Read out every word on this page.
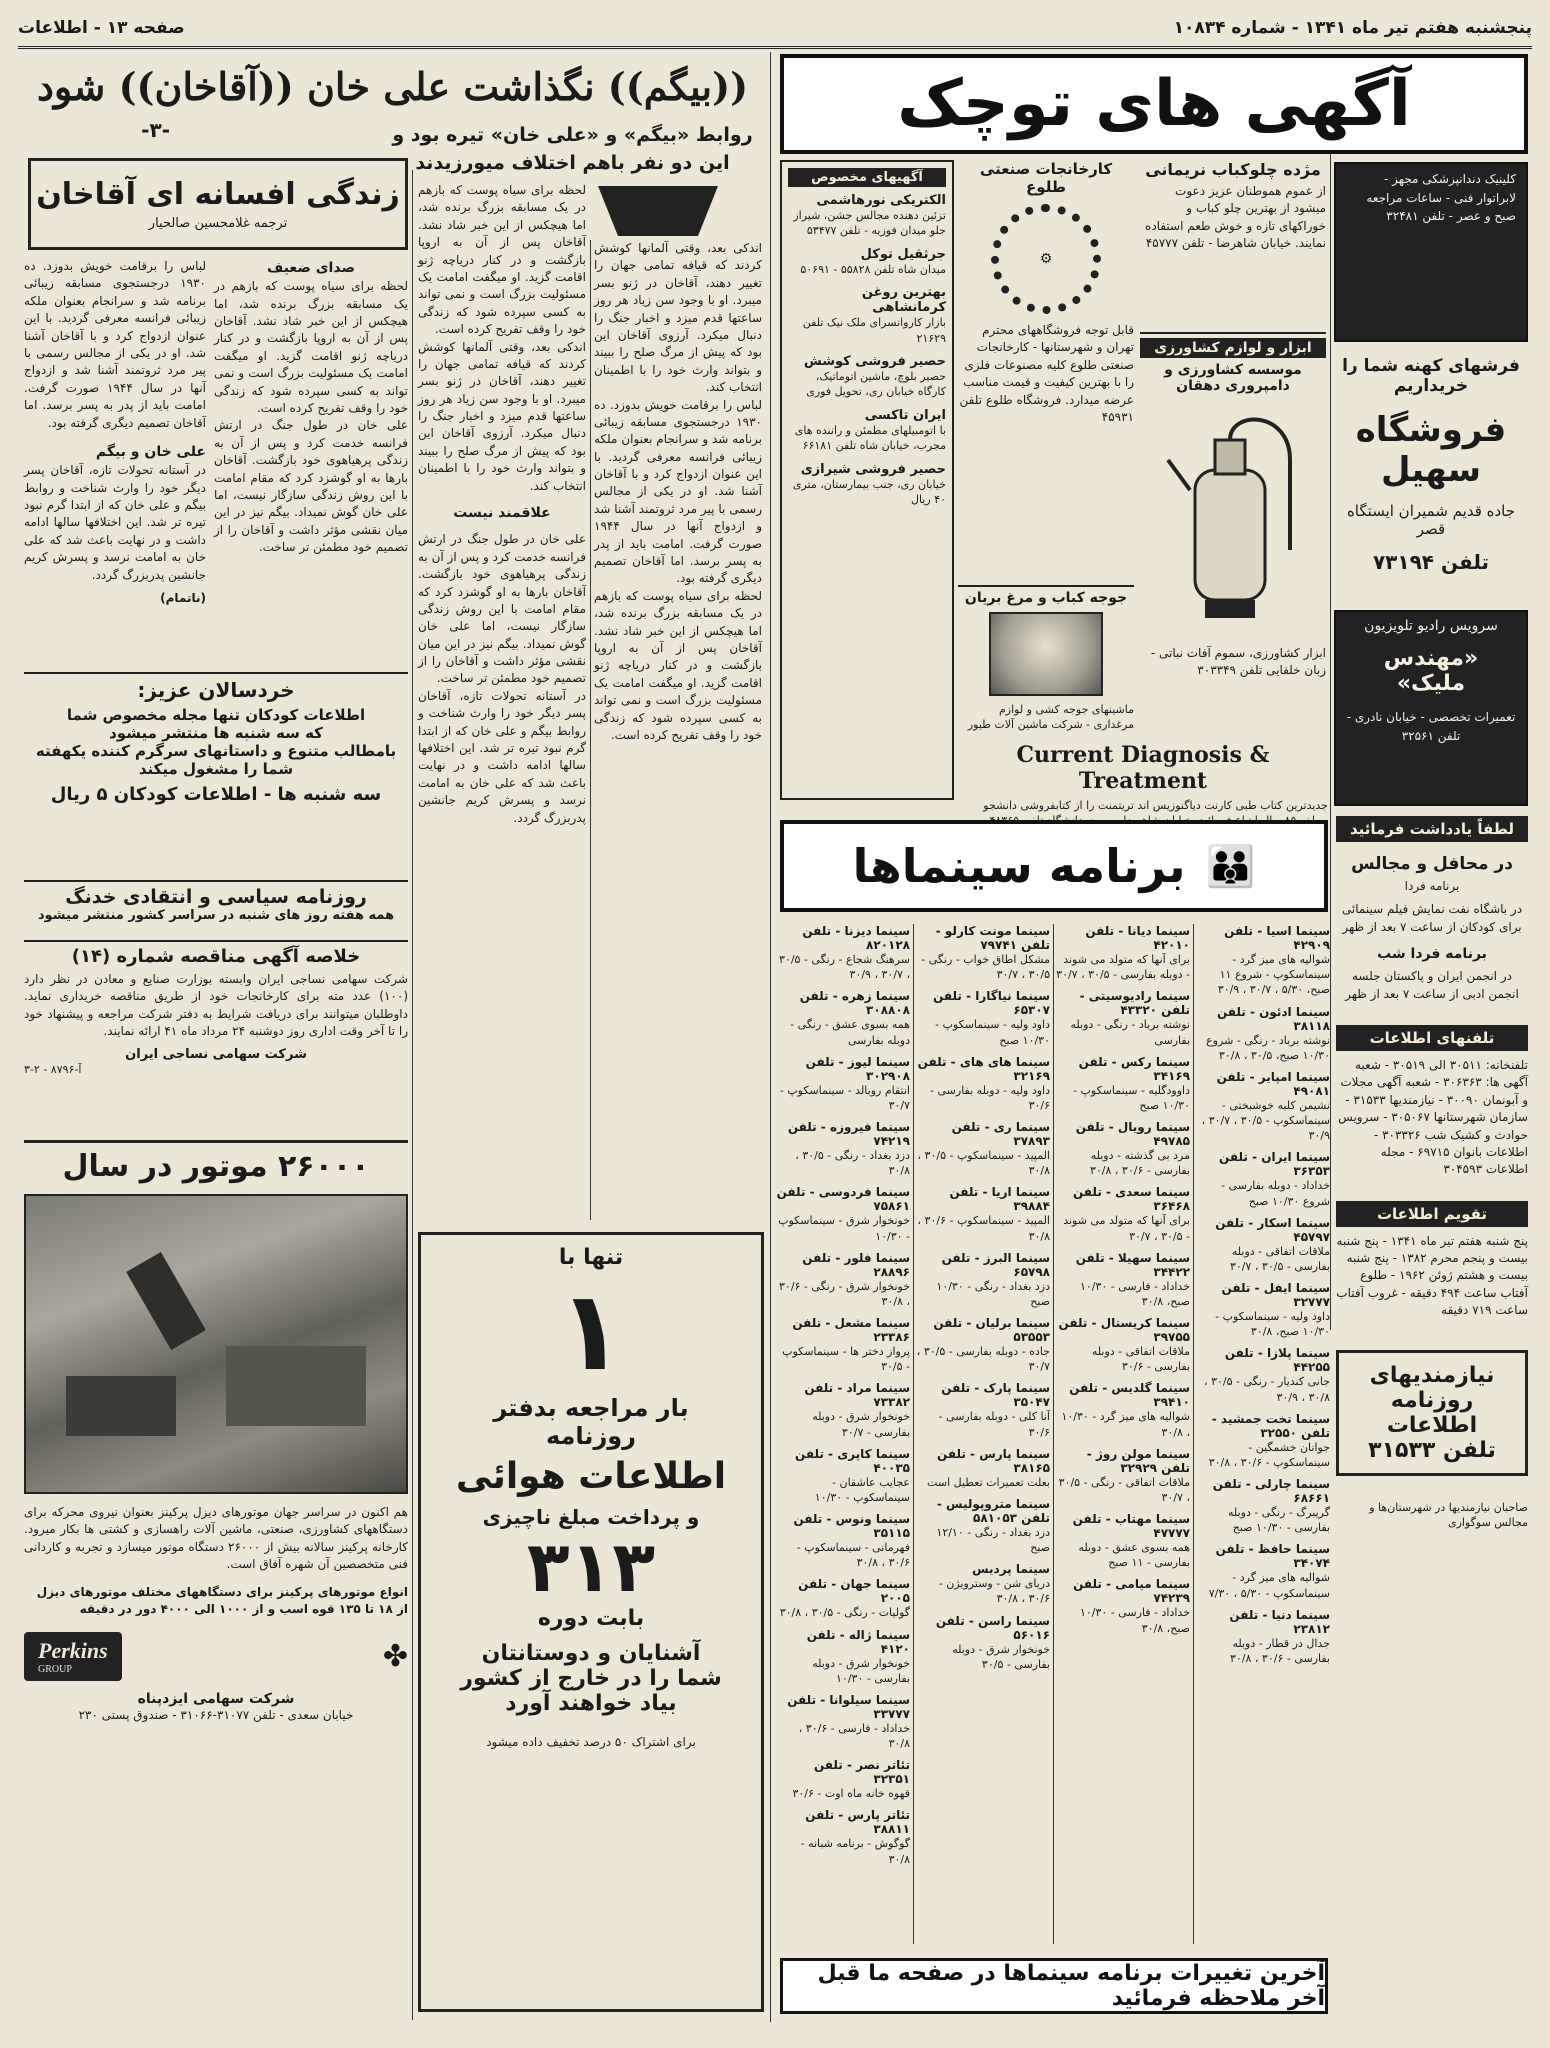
پنجشنبه هفتم تیر ماه ۱۳۴۱ - شماره ۱۰۸۳۴
صفحه ۱۳ - اطلاعات
آگهی های توچک
کلینیک دندانپزشکی مجهز - لابراتوار فنی - ساعات مراجعه صبح و عصر - تلفن ۳۲۴۸۱
فرشهای کهنه شما را خریداریم
فروشگاه سهیل
جاده قدیم شمیران ایستگاه قصر
تلفن ۷۳۱۹۴
سرویس رادیو تلویزیون
«مهندس ملیک»
تعمیرات تخصصی - خیابان نادری - تلفن ۳۲۵۶۱
مژده چلوکباب نریمانی
از عموم هموطنان عزیز دعوت میشود از بهترین چلو کباب و خوراکهای تازه و خوش طعم استفاده نمایند. خیابان شاهرضا - تلفن ۴۵۷۷۷
ابزار و لوازم کشاورزی
موسسه کشاورزی و دامپروری دهقان
ابزار کشاورزی، سموم آفات نباتی - زبان خلفایی تلفن ۳۰۳۳۴۹
کارخانجات صنعتی طلوع
⚙
قابل توجه فروشگاههای محترم تهران و شهرستانها - کارخانجات صنعتی طلوع کلیه مصنوعات فلزی را با بهترین کیفیت و قیمت مناسب عرضه میدارد. فروشگاه طلوع تلفن ۴۵۹۳۱
جوجه کباب و مرغ بریان
ماشینهای جوجه کشی و لوازم مرغداری - شرکت ماشین آلات طیور
آگهیهای مخصوص
الکتریکی نورهاشمی
تزئین دهنده مجالس جشن، شیراز جلو میدان فوزیه - تلفن ۵۳۴۷۷
جرثقیل توکل
میدان شاه تلفن ۵۵۸۲۸ - ۵۰۶۹۱
بهترین روغن کرمانشاهی
بازار کاروانسرای ملک نیک تلفن ۲۱۶۲۹
حصیر فروشی کوشش
حصیر بلوچ، ماشین اتوماتیک، کارگاه خیابان ری، تحویل فوری
ایران تاکسی
با اتومبیلهای مطمئن و راننده های مجرب، خیابان شاه تلفن ۶۶۱۸۱
حصیر فروشی شیرازی
خیابان ری، جنب بیمارستان، متری ۴۰ ریال
Current Diagnosis & Treatment
جدیدترین کتاب طبی کارنت دیاگنوزیس اند تریتمنت را از کتابفروشی دانشجو
👪
برنامه سینماها
سینما اسیا - تلفن ۴۲۹۰۹
شواليه های میز گرد - سینماسکوپ - شروع ۱۱ صبح، ۵/۳۰ ، ۳۰/۷ ، ۳۰/۹
سینما ادئون - تلفن ۳۸۱۱۸
نوشته برباد - رنگی - شروع ۱۰/۳۰ صبح، ۳۰/۵ ، ۳۰/۸
سینما امپایر - تلفن ۴۹۰۸۱
نشیمن کلبه خوشبختی - سینماسکوپ - ۳۰/۵ ، ۳۰/۷ ، ۳۰/۹
سینما ایران - تلفن ۳۶۳۵۳
خداداد - دوبله بفارسی - شروع ۱۰/۳۰ صبح
سینما اسکار - تلفن ۴۵۷۹۷
ملاقات اتفاقی - دوبله بفارسی - ۳۰/۵ ، ۳۰/۷
سینما ایفل - تلفن ۳۲۷۷۷
داود ولیه - سینماسکوپ - ۱۰/۳۰ صبح، ۳۰/۸
سینما پلازا - تلفن ۴۴۲۵۵
جانی کندیار - رنگی - ۳۰/۵ ، ۳۰/۸ ، ۳۰/۹
سینما تخت جمشید - تلفن ۳۲۵۵۰
جوانان خشمگین - سینماسکوپ - ۳۰/۶ ، ۳۰/۸
سینما چارلی - تلفن ۶۸۶۶۱
گریبرگ - رنگی - دوبله بفارسی - ۱۰/۳۰ صبح
سینما حافظ - تلفن ۳۴۰۷۴
شواليه های میز گرد - سینماسکوپ - ۵/۳۰ ، ۷/۳۰
سینما دنیا - تلفن ۲۳۸۱۲
جدال در قطار - دوبله بفارسی - ۳۰/۶ ، ۳۰/۸
سینما دیانا - تلفن ۴۲۰۱۰
برای آنها که متولد می شوند - دوبله بفارسی - ۳۰/۵ ، ۳۰/۷
سینما رادیوسیتی - تلفن ۴۳۳۲۰
نوشته برباد - رنگی - دوبله بفارسی
سینما رکس - تلفن ۳۴۱۶۹
داوودگلیه - سینماسکوپ - ۱۰/۳۰ صبح
سینما رویال - تلفن ۴۹۷۸۵
مرد بی گذشته - دوبله بفارسی - ۳۰/۶ ، ۳۰/۸
سینما سعدی - تلفن ۳۶۴۶۸
برای آنها که متولد می شوند - ۳۰/۵ ، ۳۰/۷
سینما سهیلا - تلفن ۳۴۴۲۲
خداداد - فارسی - ۱۰/۳۰ صبح، ۳۰/۸
سینما کریستال - تلفن ۳۹۷۵۵
ملاقات اتفاقی - دوبله بفارسی - ۳۰/۶
سینما گلدیس - تلفن ۳۹۴۱۰
شواليه های میز گرد - ۱۰/۳۰ ، ۳۰/۸
سینما مولن روژ - تلفن ۳۲۹۲۹
ملاقات اتفاقی - رنگی - ۳۰/۵ ، ۳۰/۷
سینما مهتاب - تلفن ۴۷۷۷۷
همه بسوی عشق - دوبله بفارسی - ۱۱ صبح
سینما میامی - تلفن ۷۴۲۳۹
خداداد - فارسی - ۱۰/۳۰ صبح، ۳۰/۸
سینما مونت کارلو - تلفن ۷۹۷۴۱
مشکل اطاق خواب - رنگی - ۳۰/۵ ، ۳۰/۷
سینما نیاگارا - تلفن ۶۵۳۰۷
داود ولیه - سینماسکوپ - ۱۰/۳۰ صبح
سینما های های - تلفن ۳۲۱۶۹
داود ولیه - دوبله بفارسی - ۳۰/۶
سینما ری - تلفن ۳۷۸۹۳
المپید - سینماسکوپ - ۳۰/۵ ، ۳۰/۸
سینما اریا - تلفن ۳۹۸۸۴
المپید - سینماسکوپ - ۳۰/۶ ، ۳۰/۸
سینما البرز - تلفن ۶۵۷۹۸
دزد بغداد - رنگی - ۱۰/۳۰ صبح
سینما برلیان - تلفن ۵۳۵۵۳
جاده - دوبله بفارسی - ۳۰/۵ ، ۳۰/۷
سینما پارک - تلفن ۳۵۰۴۷
آنا کلی - دوبله بفارسی - ۳۰/۶
سینما پارس - تلفن ۳۸۱۶۵
بعلت تعمیرات تعطیل است
سینما متروپولیس - تلفن ۵۸۱۰۵۳
دزد بغداد - رنگی - ۱۲/۱۰ صبح
سینما پردیس
دریای شن - وسترویژن - ۳۰/۶ ، ۳۰/۸
سینما راسن - تلفن ۵۶۰۱۶
خونخوار شرق - دوبله بفارسی - ۳۰/۵
سینما دیزنا - تلفن ۸۲۰۱۲۸
سرهنگ شجاع - رنگی - ۳۰/۵ ، ۳۰/۷ ، ۳۰/۹
سینما زهره - تلفن ۳۰۸۸۰۸
همه بسوی عشق - رنگی - دوبله بفارسی
سینما لیوز - تلفن ۳۰۲۹۰۸
انتقام روبالد - سینماسکوپ - ۳۰/۷
سینما فیروزه - تلفن ۷۴۲۱۹
دزد بغداد - رنگی - ۳۰/۵ ، ۳۰/۸
سینما فردوسی - تلفن ۷۵۸۶۱
خونخوار شرق - سینماسکوپ - ۱۰/۳۰
سینما فلور - تلفن ۲۸۸۹۶
خونخوار شرق - رنگی - ۳۰/۶ ، ۳۰/۸
سینما مشعل - تلفن ۲۳۳۸۶
پرواز دختر ها - سینماسکوپ - ۳۰/۵
سینما مراد - تلفن ۷۳۳۸۲
خونخوار شرق - دوبله بفارسی - ۳۰/۷
سینما کاپری - تلفن ۴۰۰۳۵
عجایب عاشقان - سینماسکوپ - ۱۰/۳۰
سینما ونوس - تلفن ۳۵۱۱۵
فهرمانی - سینماسکوپ - ۳۰/۶ ، ۳۰/۸
سینما جهان - تلفن ۲۰۰۵
گولیات - رنگی - ۳۰/۵ ، ۳۰/۸
سینما ژاله - تلفن ۴۱۲۰
خونخوار شرق - دوبله بفارسی - ۱۰/۳۰
سینما سیلوانا - تلفن ۳۳۷۷۷
خداداد - فارسی - ۳۰/۶ ، ۳۰/۸
تئاتر نصر - تلفن ۳۲۳۵۱
قهوه خانه ماه اوت - ۳۰/۶
تئاتر پارس - تلفن ۳۸۸۱۱
گوگوش - برنامه شبانه - ۳۰/۸
آخرین تغییرات برنامه سینماها در صفحه ما قبل آخر ملاحظه فرمائید
لطفاً یادداشت فرمائید
در محافل و مجالس
برنامه فردا
در باشگاه نفت نمایش فیلم سینمائی برای کودکان از ساعت ۷ بعد از ظهر
برنامه فردا شب
در انجمن ایران و پاکستان جلسه انجمن ادبی از ساعت ۷ بعد از ظهر
تلفنهای اطلاعات
تلفنخانه: ۳۰۵۱۱ الی ۳۰۵۱۹ - شعبه آگهی ها: ۳۰۶۳۶۳ - شعبه آگهی مجلات و آبونمان ۳۰۰۹۰ - نیازمندیها ۳۱۵۳۳ - سازمان شهرستانها ۳۰۵۰۶۷ - سرویس حوادث و کشیک شب ۳۰۳۳۲۶ - اطلاعات بانوان ۶۹۷۱۵ - مجله اطلاعات ۳۰۴۵۹۳
تقویم اطلاعات
پنج شنبه هفتم تیر ماه ۱۳۴۱ - پنج شنبه بیست و پنجم محرم ۱۳۸۲ - پنج شنبه بیست و هشتم ژوئن ۱۹۶۲ - طلوع آفتاب ساعت ۴۹۴ دقیقه - غروب آفتاب ساعت ۷۱۹ دقیقه
نیازمندیهای
روزنامه اطلاعات
تلفن ۳۱۵۳۳
صاحبان نیازمندیها در شهرستان‌ها و مجالس سوگواری
((بیگم)) نگذاشت علی خان ((آقاخان)) شود
-۳-	روابط «بیگم» و «علی خان» تیره بود و این دو نفر باهم اختلاف میورزیدند
زندگی افسانه ای آقاخان
ترجمه غلامحسین صالحیار
لباس را برقامت خویش بدوزد. ده ۱۹۳۰ درجستجوی مسابقه زیبائی برنامه شد و سرانجام بعنوان ملکه زیبائی فرانسه معرفی گردید. با این عنوان ازدواج کرد و با آقاخان آشنا شد. او در یکی از مجالس رسمی با پیر مرد ثروتمند آشنا شد و ازدواج آنها در سال ۱۹۴۴ صورت گرفت. امامت باید از پدر به پسر برسد. اما آقاخان تصمیم دیگری گرفته بود.
علی خان و بیگم
در آستانه تحولات تازه، آقاخان پسر دیگر خود را وارث شناخت و روابط بیگم و علی خان که از ابتدا گرم نبود تیره تر شد. این اختلافها سالها ادامه داشت و در نهایت باعث شد که علی خان به امامت نرسد و پسرش کریم جانشین پدربزرگ گردد.
(ناتمام)
صدای ضعیف
لحظه برای سیاه پوست که بازهم در یک مسابقه بزرگ برنده شد، اما هیچکس از این خبر شاد نشد. آقاخان پس از آن به اروپا بازگشت و در کنار دریاچه ژنو اقامت گزید. او میگفت امامت یک مسئولیت بزرگ است و نمی تواند به کسی سپرده شود که زندگی خود را وقف تفریح کرده است.
علی خان در طول جنگ در ارتش فرانسه خدمت کرد و پس از آن به زندگی پرهیاهوی خود بازگشت. آقاخان بارها به او گوشزد کرد که مقام امامت با این روش زندگی سازگار نیست، اما علی خان گوش نمیداد. بیگم نیز در این میان نقشی مؤثر داشت و آقاخان را از تصمیم خود مطمئن تر ساخت.
لحظه برای سیاه پوست که بازهم در یک مسابقه بزرگ برنده شد، اما هیچکس از این خبر شاد نشد. آقاخان پس از آن به اروپا بازگشت و در کنار دریاچه ژنو اقامت گزید. او میگفت امامت یک مسئولیت بزرگ است و نمی تواند به کسی سپرده شود که زندگی خود را وقف تفریح کرده است.
اندکی بعد، وقتی آلمانها کوشش کردند که قیافه تمامی جهان را تغییر دهند، آقاخان در ژنو بسر میبرد. او با وجود سن زیاد هر روز ساعتها قدم میزد و اخبار جنگ را دنبال میکرد. آرزوی آقاخان این بود که پیش از مرگ صلح را ببیند و بتواند وارث خود را با اطمینان انتخاب کند.
علاقمند نیست
علی خان در طول جنگ در ارتش فرانسه خدمت کرد و پس از آن به زندگی پرهیاهوی خود بازگشت. آقاخان بارها به او گوشزد کرد که مقام امامت با این روش زندگی سازگار نیست، اما علی خان گوش نمیداد. بیگم نیز در این میان نقشی مؤثر داشت و آقاخان را از تصمیم خود مطمئن تر ساخت.
در آستانه تحولات تازه، آقاخان پسر دیگر خود را وارث شناخت و روابط بیگم و علی خان که از ابتدا گرم نبود تیره تر شد. این اختلافها سالها ادامه داشت و در نهایت باعث شد که علی خان به امامت نرسد و پسرش کریم جانشین پدربزرگ گردد.
اندکی بعد، وقتی آلمانها کوشش کردند که قیافه تمامی جهان را تغییر دهند، آقاخان در ژنو بسر میبرد. او با وجود سن زیاد هر روز ساعتها قدم میزد و اخبار جنگ را دنبال میکرد. آرزوی آقاخان این بود که پیش از مرگ صلح را ببیند و بتواند وارث خود را با اطمینان انتخاب کند.
لباس را برقامت خویش بدوزد. ده ۱۹۳۰ درجستجوی مسابقه زیبائی برنامه شد و سرانجام بعنوان ملکه زیبائی فرانسه معرفی گردید. با این عنوان ازدواج کرد و با آقاخان آشنا شد. او در یکی از مجالس رسمی با پیر مرد ثروتمند آشنا شد و ازدواج آنها در سال ۱۹۴۴ صورت گرفت. امامت باید از پدر به پسر برسد. اما آقاخان تصمیم دیگری گرفته بود.
لحظه برای سیاه پوست که بازهم در یک مسابقه بزرگ برنده شد، اما هیچکس از این خبر شاد نشد. آقاخان پس از آن به اروپا بازگشت و در کنار دریاچه ژنو اقامت گزید. او میگفت امامت یک مسئولیت بزرگ است و نمی تواند به کسی سپرده شود که زندگی خود را وقف تفریح کرده است.
خردسالان عزیز:
اطلاعات کودکان تنها مجله مخصوص شما
که سه شنبه ها منتشر میشود
بامطالب متنوع و داستانهای سرگرم کننده یکهفته شما را مشغول میکند
سه شنبه ها - اطلاعات کودکان ۵ ریال
روزنامه سیاسی و انتقادی خدنگ
همه هفته روز های شنبه در سراسر کشور منتشر میشود
خلاصه آگهی مناقصه شماره (۱۴)
شرکت سهامی نساجی ایران وابسته بوزارت صنایع و معادن در نظر دارد (۱۰۰) عدد مته برای کارخانجات خود از طریق مناقصه خریداری نماید. داوطلبان میتوانند برای دریافت شرایط به دفتر شرکت مراجعه و پیشنهاد خود را تا آخر وقت اداری روز دوشنبه ۲۴ مرداد ماه ۴۱ ارائه نمایند.
شرکت سهامی نساجی ایران
آ-۸۷۹۶ - ۲-۳
۲۶۰۰۰ موتور در سال
هم اکنون در سراسر جهان موتورهای دیزل پرکینز بعنوان نیروی محرکه برای دستگاههای کشاورزی، صنعتی، ماشین آلات راهسازی و کشتی ها بکار میرود. کارخانه پرکینز سالانه بیش از ۲۶۰۰۰ دستگاه موتور میسازد و تجربه و کاردانی فنی متخصصین آن شهره آفاق است.
انواع موتورهای پرکینز برای دستگاههای مختلف موتورهای دیزل از ۱۸ تا ۱۳۵ قوه اسب و از ۱۰۰۰ الی ۴۰۰۰ دور در دقیقه
Perkins
GROUP	✤
شرکت سهامی ایزدپناه
خیابان سعدی - تلفن ۳۱۰۷۷-۳۱۰۶۶ - صندوق پستی ۲۳۰
تنها با
۱
بار مراجعه بدفتر
روزنامه
اطلاعات هوائی
و پرداخت مبلغ ناچیزی
۳۱۳
بابت دوره
آشنایان و دوستانتان
شما را در خارج از کشور
بیاد خواهند آورد
برای اشتراک ۵۰ درصد تخفیف داده میشود
